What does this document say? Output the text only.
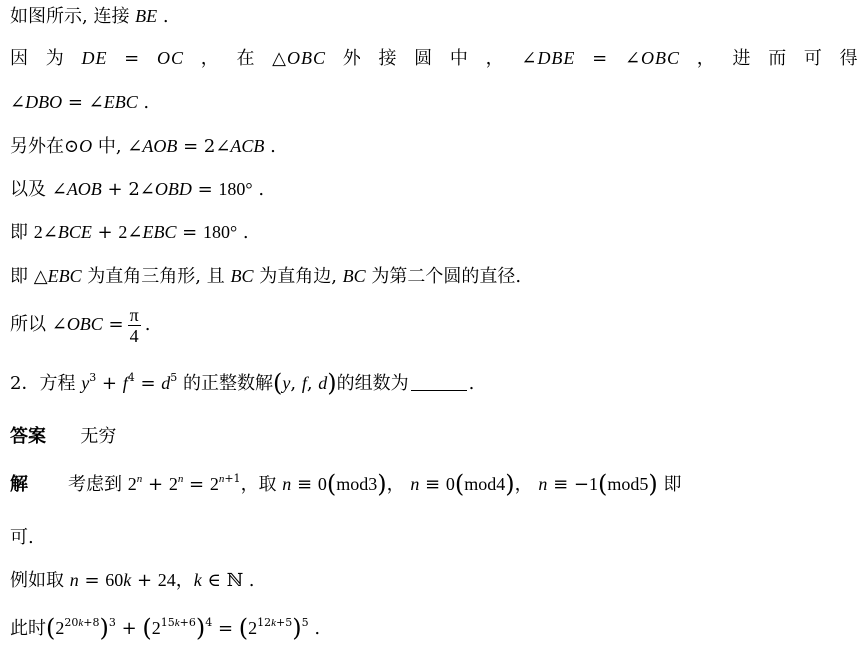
如图所示, 连接 BE .
因 为 DE = OC ， 在 △OBC 外 接 圆 中 ， ∠DBE = ∠OBC ， 进 而 可 得
∠DBO = ∠EBC .
另外在⊙O 中, ∠AOB = 2∠ACB .
以及 ∠AOB + 2∠OBD = 180° .
即 2∠BCE + 2∠EBC = 180° .
即 △EBC 为直角三角形, 且 BC 为直角边, BC 为第二个圆的直径.
所以 ∠OBC = $\frac{\pi}{4}$ .
2．方程 $y^3 + f^4 = d^5$ 的正整数解(y, f, d)的组数为	.
答案 无穷
解       考虑到 $2^n + 2^n = 2^{n+1}$，取 n ≡ 0(mod3)， n ≡ 0(mod4)， n ≡ −1(mod5) 即
可.
例如取 n = 60k + 24，k ∈ ℕ .
此时$(2^{20k+8})^3 + (2^{15k+6})^4 = (2^{12k+5})^5$ .
